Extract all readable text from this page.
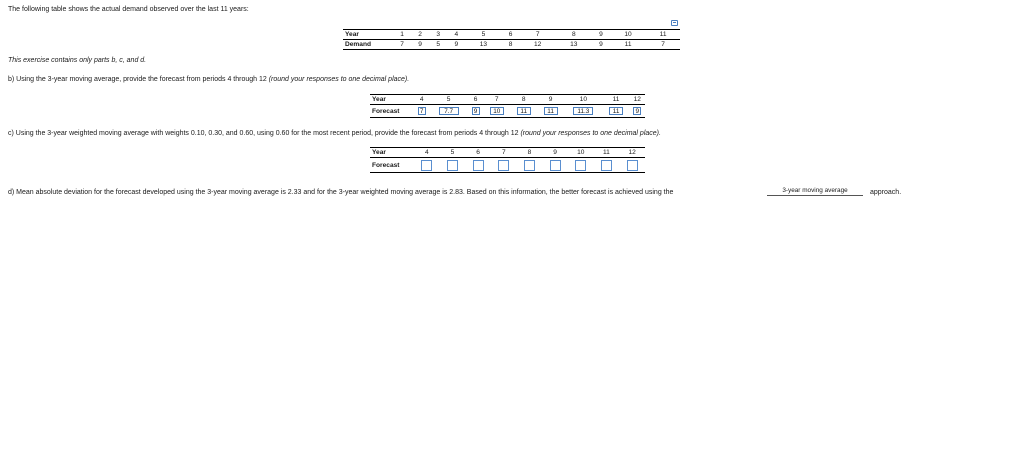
The following table shows the actual demand observed over the last 11 years:
Year	1	2	3	4	5	6	7	8	9	10	11
Demand	7	9	5	9	13	8	12	13	9	11	7
This exercise contains only parts b, c, and d.
b) Using the 3-year moving average, provide the forecast from periods 4 through 12 (round your responses to one decimal place).
Year	4	5	6	7	8	9	10	11	12
Forecast	7	7.7	9	10	11	11	11.3	11	9
c) Using the 3-year weighted moving average with weights 0.10, 0.30, and 0.60, using 0.60 for the most recent period, provide the forecast from periods 4 through 12 (round your responses to one decimal place).
Year	4	5	6	7	8	9	10	11	12
Forecast									
d) Mean absolute deviation for the forecast developed using the 3-year moving average is 2.33 and for the 3-year weighted moving average is 2.83. Based on this information, the better forecast is achieved using the	3-year moving average	approach.
